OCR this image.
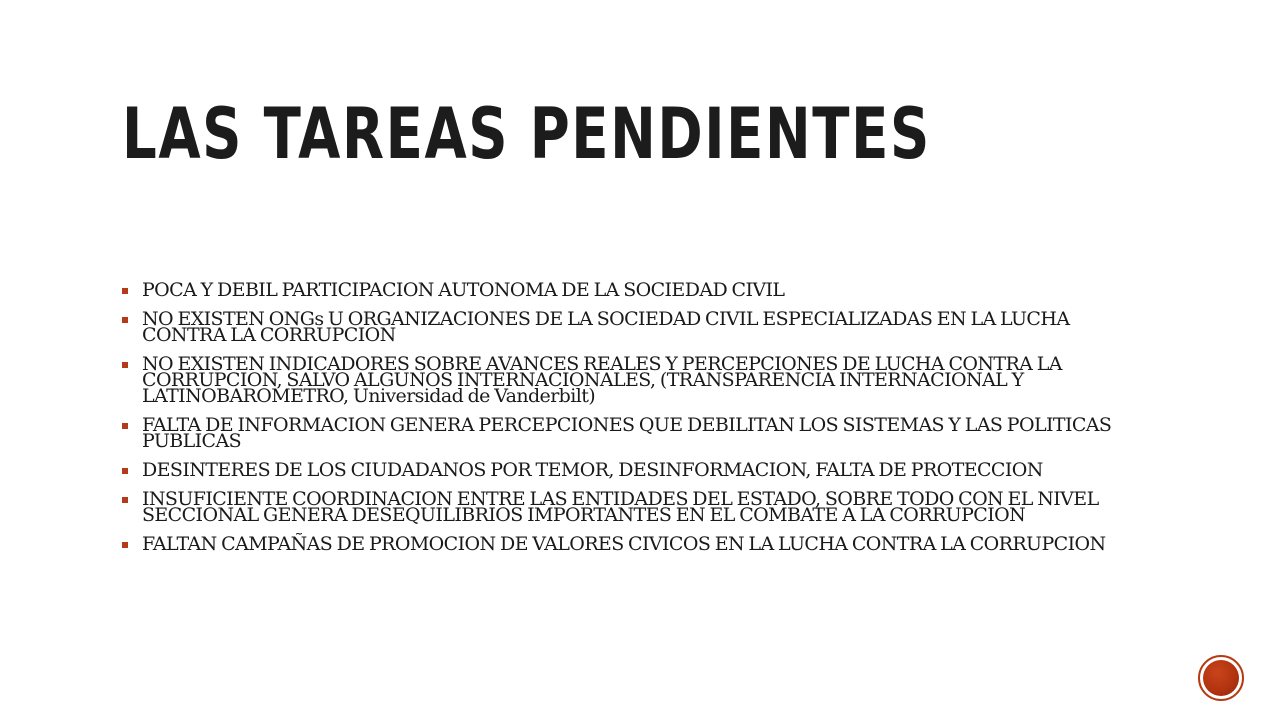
LAS TAREAS PENDIENTES
POCA Y DEBIL PARTICIPACION AUTONOMA DE LA SOCIEDAD CIVIL
NO EXISTEN ONGs U ORGANIZACIONES DE LA SOCIEDAD CIVIL ESPECIALIZADAS EN LA LUCHA CONTRA LA CORRUPCION
NO EXISTEN INDICADORES SOBRE AVANCES REALES Y PERCEPCIONES DE LUCHA CONTRA LA CORRUPCION, SALVO ALGUNOS INTERNACIONALES, (TRANSPARENCIA INTERNACIONAL Y LATINOBAROMETRO, Universidad de Vanderbilt)
FALTA DE INFORMACION GENERA PERCEPCIONES QUE DEBILITAN LOS SISTEMAS Y LAS POLITICAS PUBLICAS
DESINTERES DE LOS CIUDADANOS POR TEMOR, DESINFORMACION, FALTA DE PROTECCION
INSUFICIENTE COORDINACION ENTRE LAS ENTIDADES DEL ESTADO, SOBRE TODO CON EL NIVEL SECCIONAL GENERA DESEQUILIBRIOS IMPORTANTES EN EL COMBATE A LA CORRUPCION
FALTAN CAMPAÑAS DE PROMOCION DE VALORES CIVICOS EN LA LUCHA CONTRA LA CORRUPCION
